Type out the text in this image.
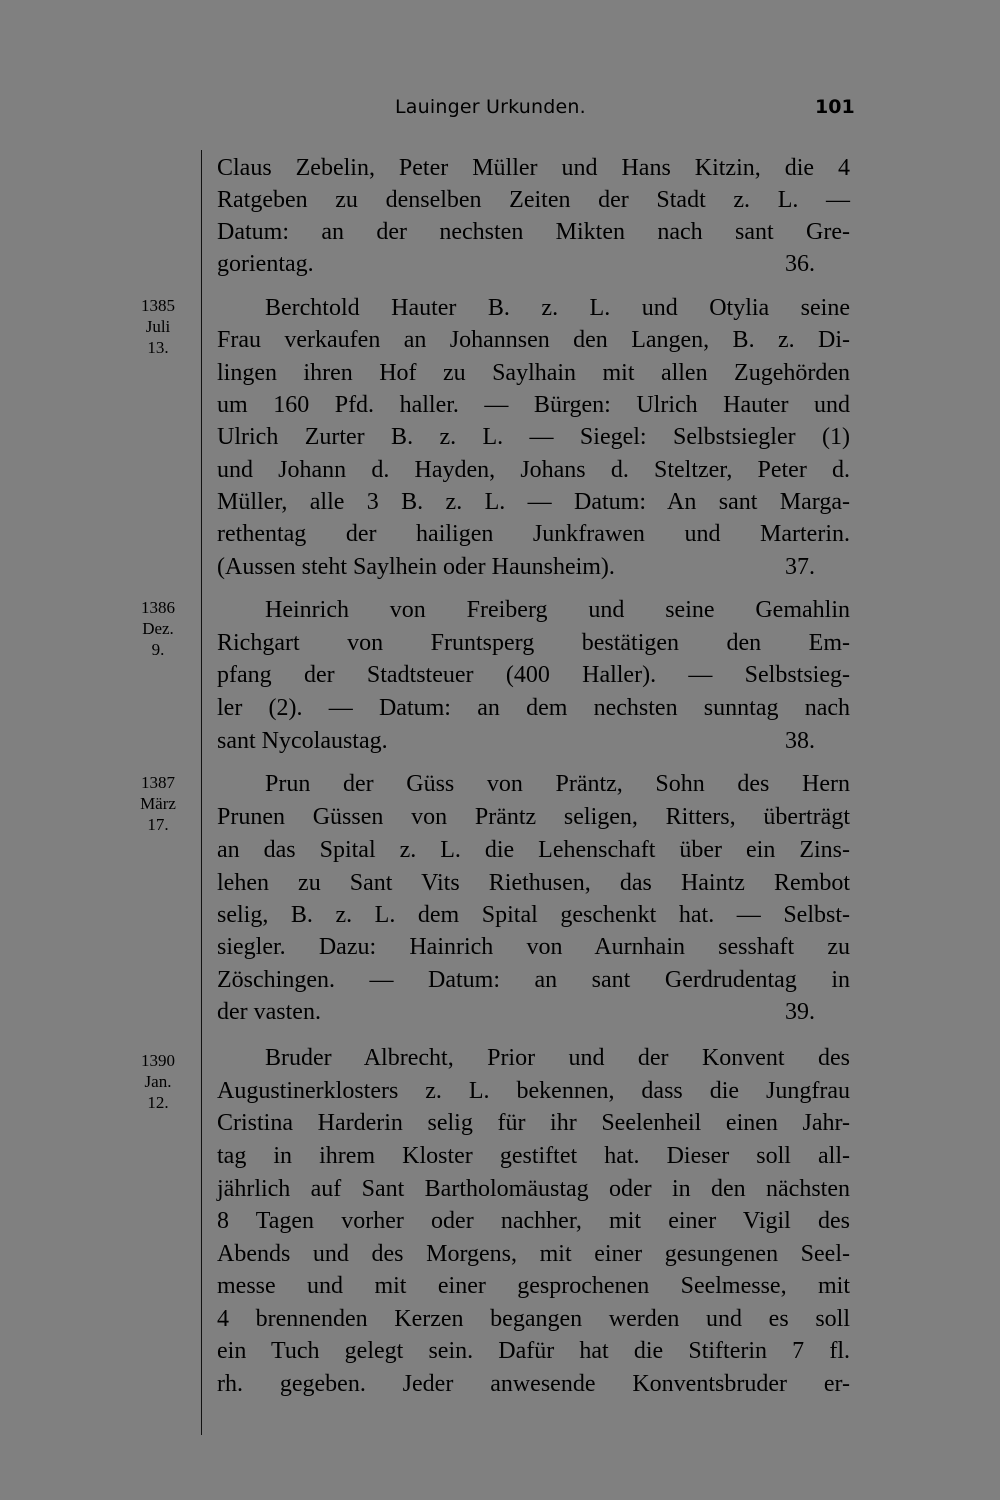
Lauinger Urkunden.	101
1385
Juli
13.
1386
Dez.
9.
1387
März
17.
1390
Jan.
12.
Claus Zebelin, Peter Müller und Hans Kitzin, die 4
Ratgeben zu denselben Zeiten der Stadt z. L. —
Datum: an der nechsten Mikten nach sant Gre-
gorientag.	36.
Berchtold Hauter B. z. L. und Otylia seine
Frau verkaufen an Johannsen den Langen, B. z. Di-
lingen ihren Hof zu Saylhain mit allen Zugehörden
um 160 Pfd. haller. — Bürgen: Ulrich Hauter und
Ulrich Zurter B. z. L. — Siegel: Selbstsiegler (1)
und Johann d. Hayden, Johans d. Steltzer, Peter d.
Müller, alle 3 B. z. L. — Datum: An sant Marga-
rethentag der hailigen Junkfrawen und Marterin.
(Aussen steht Saylhein oder Haunsheim).	37.
Heinrich von Freiberg und seine Gemahlin
Richgart von Fruntsperg bestätigen den Em-
pfang der Stadtsteuer (400 Haller). — Selbstsieg-
ler (2). — Datum: an dem nechsten sunntag nach
sant Nycolaustag.	38.
Prun der Güss von Präntz, Sohn des Hern
Prunen Güssen von Präntz seligen, Ritters, überträgt
an das Spital z. L. die Lehenschaft über ein Zins-
lehen zu Sant Vits Riethusen, das Haintz Rembot
selig, B. z. L. dem Spital geschenkt hat. — Selbst-
siegler. Dazu: Hainrich von Aurnhain sesshaft zu
Zöschingen. — Datum: an sant Gerdrudentag in
der vasten.	39.
Bruder Albrecht, Prior und der Konvent des
Augustinerklosters z. L. bekennen, dass die Jungfrau
Cristina Harderin selig für ihr Seelenheil einen Jahr-
tag in ihrem Kloster gestiftet hat. Dieser soll all-
jährlich auf Sant Bartholomäustag oder in den nächsten
8 Tagen vorher oder nachher, mit einer Vigil des
Abends und des Morgens, mit einer gesungenen Seel-
messe und mit einer gesprochenen Seelmesse, mit
4 brennenden Kerzen begangen werden und es soll
ein Tuch gelegt sein. Dafür hat die Stifterin 7 fl.
rh. gegeben. Jeder anwesende Konventsbruder er-
